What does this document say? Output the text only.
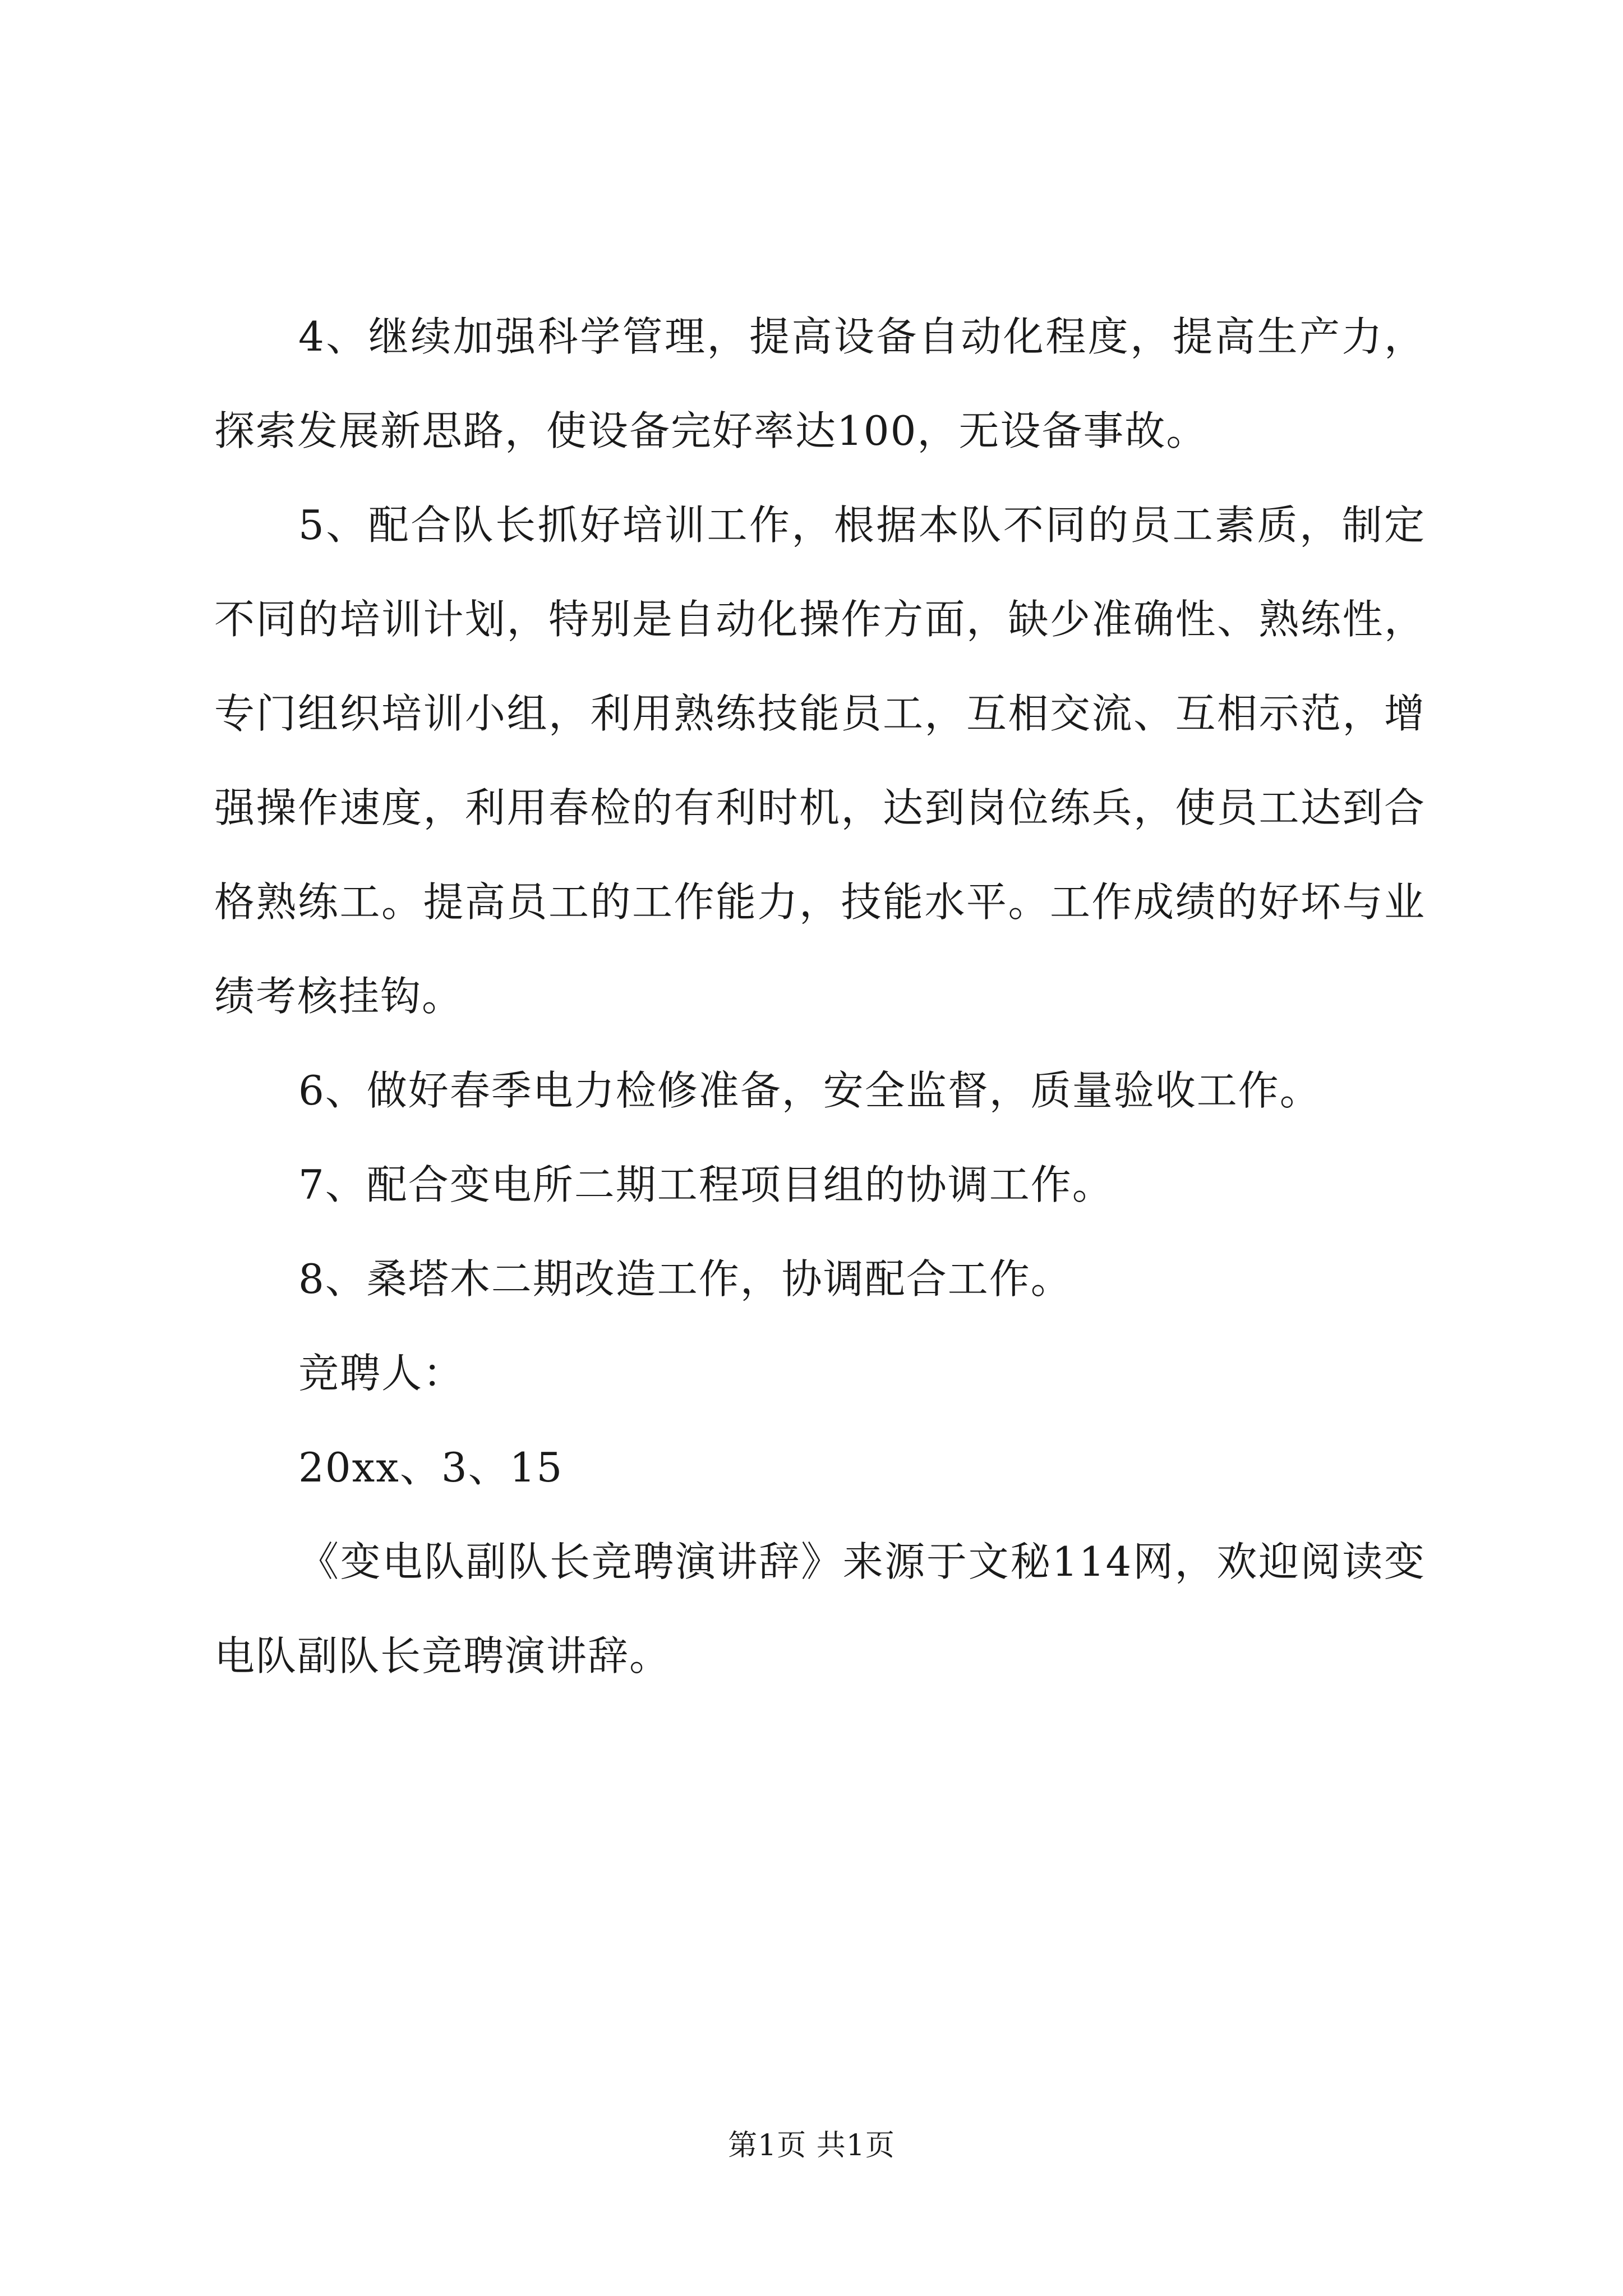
4、继续加强科学管理，提高设备自动化程度，提高生产力，探索发展新思路，使设备完好率达100，无设备事故。

5、配合队长抓好培训工作，根据本队不同的员工素质，制定不同的培训计划，特别是自动化操作方面，缺少准确性、熟练性，专门组织培训小组，利用熟练技能员工，互相交流、互相示范，增强操作速度，利用春检的有利时机，达到岗位练兵，使员工达到合格熟练工。提高员工的工作能力，技能水平。工作成绩的好坏与业绩考核挂钩。

6、做好春季电力检修准备，安全监督，质量验收工作。

7、配合变电所二期工程项目组的协调工作。

8、桑塔木二期改造工作，协调配合工作。

竞聘人：

20xx、3、15

《变电队副队长竞聘演讲辞》来源于文秘114网，欢迎阅读变电队副队长竞聘演讲辞。

第1页 共1页
